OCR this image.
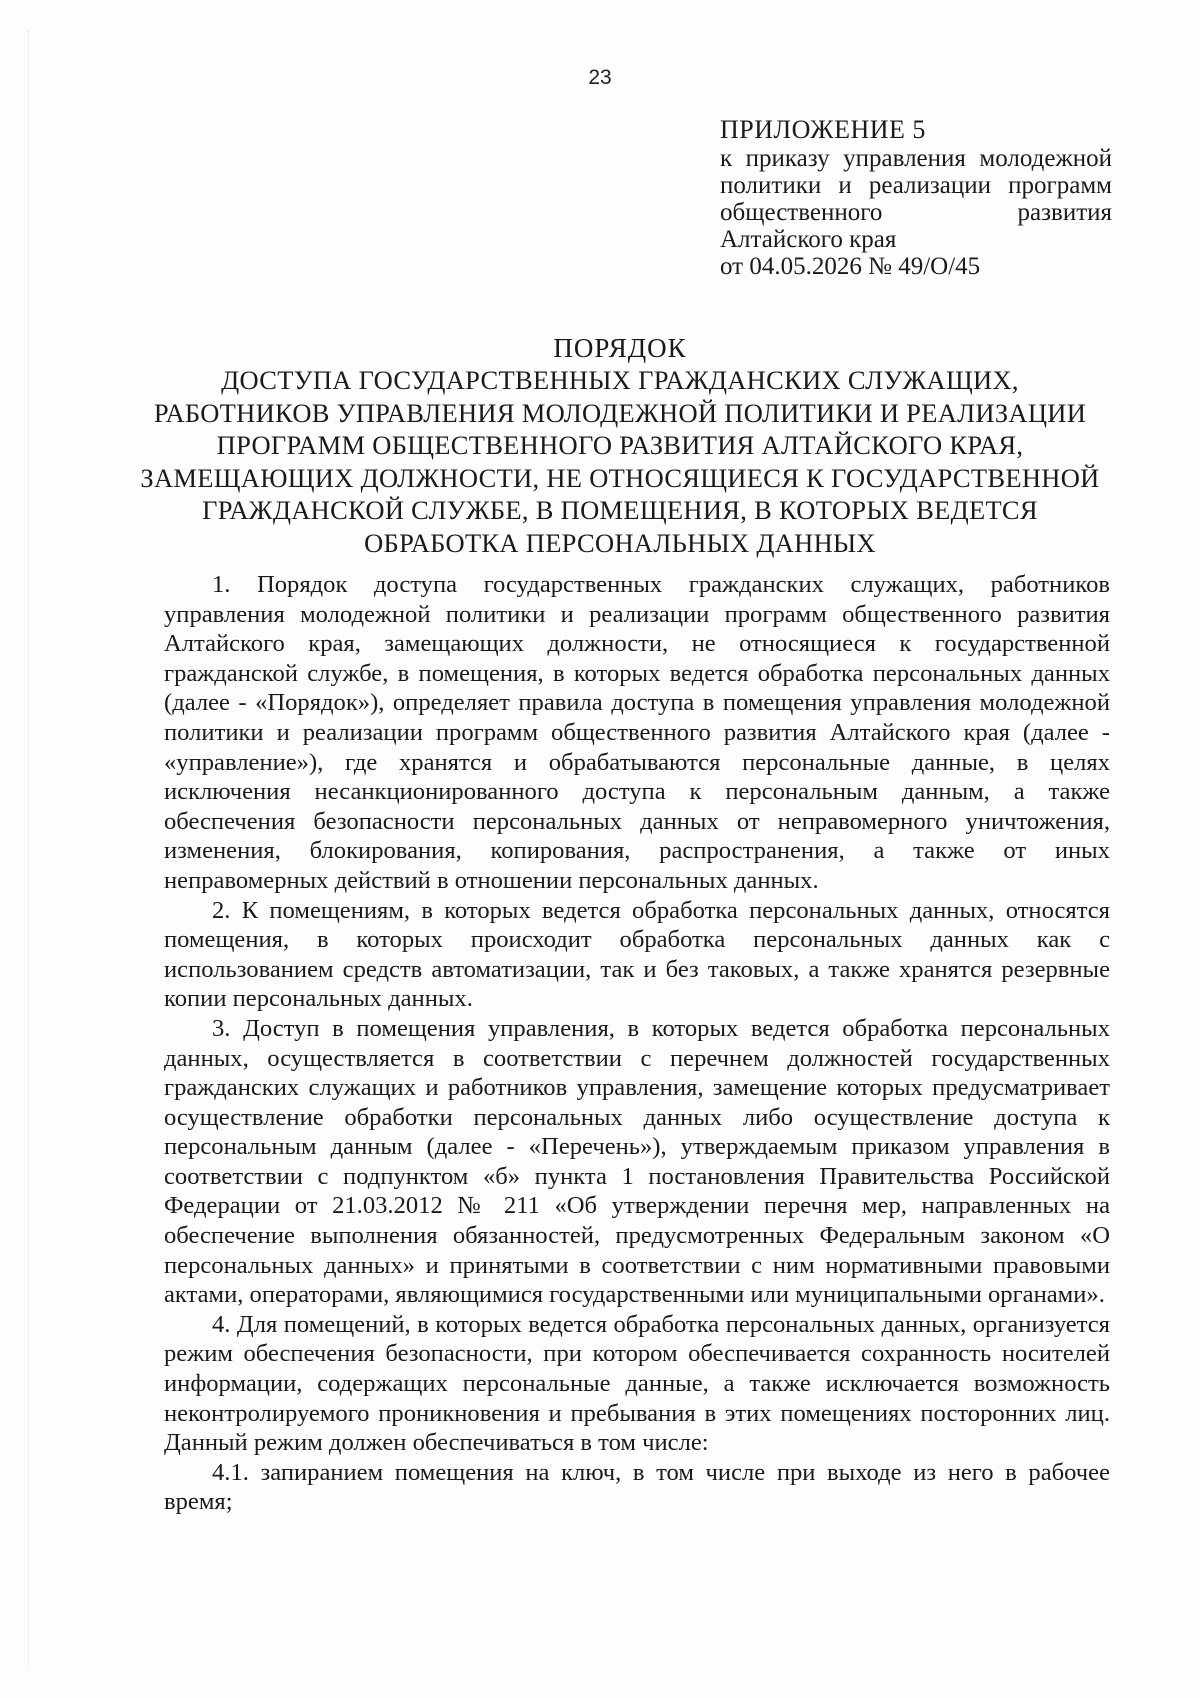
23
ПРИЛОЖЕНИЕ 5
к приказу управления молодежной
политики и реализации программ
общественного развития
Алтайского края
от 04.05.2026 № 49/О/45
ПОРЯДОК
ДОСТУПА ГОСУДАРСТВЕННЫХ ГРАЖДАНСКИХ СЛУЖАЩИХ,
РАБОТНИКОВ УПРАВЛЕНИЯ МОЛОДЕЖНОЙ ПОЛИТИКИ И РЕАЛИЗАЦИИ
ПРОГРАММ ОБЩЕСТВЕННОГО РАЗВИТИЯ АЛТАЙСКОГО КРАЯ,
ЗАМЕЩАЮЩИХ ДОЛЖНОСТИ, НЕ ОТНОСЯЩИЕСЯ К ГОСУДАРСТВЕННОЙ
ГРАЖДАНСКОЙ СЛУЖБЕ, В ПОМЕЩЕНИЯ, В КОТОРЫХ ВЕДЕТСЯ
ОБРАБОТКА ПЕРСОНАЛЬНЫХ ДАННЫХ

1. Порядок доступа государственных гражданских служащих, работников управления молодежной политики и реализации программ общественного развития Алтайского края, замещающих должности, не относящиеся к государственной гражданской службе, в помещения, в которых ведется обработка персональных данных (далее - «Порядок»), определяет правила доступа в помещения управления молодежной политики и реализации программ общественного развития Алтайского края (далее - «управление»), где хранятся и обрабатываются персональные данные, в целях исключения несанкционированного доступа к персональным данным, а также обеспечения безопасности персональных данных от неправомерного уничтожения, изменения, блокирования, копирования, распространения, а также от иных неправомерных действий в отношении персональных данных.

2. К помещениям, в которых ведется обработка персональных данных, относятся помещения, в которых происходит обработка персональных данных как с использованием средств автоматизации, так и без таковых, а также хранятся резервные копии персональных данных.

3. Доступ в помещения управления, в которых ведется обработка персональных данных, осуществляется в соответствии с перечнем должностей государственных гражданских служащих и работников управления, замещение которых предусматривает осуществление обработки персональных данных либо осуществление доступа к персональным данным (далее - «Перечень»), утверждаемым приказом управления в соответствии с подпунктом «б» пункта 1 постановления Правительства Российской Федерации от 21.03.2012 № 211 «Об утверждении перечня мер, направленных на обеспечение выполнения обязанностей, предусмотренных Федеральным законом «О персональных данных» и принятыми в соответствии с ним нормативными правовыми актами, операторами, являющимися государственными или муниципальными органами».

4. Для помещений, в которых ведется обработка персональных данных, организуется режим обеспечения безопасности, при котором обеспечивается сохранность носителей информации, содержащих персональные данные, а также исключается возможность неконтролируемого проникновения и пребывания в этих помещениях посторонних лиц. Данный режим должен обеспечиваться в том числе:

4.1. запиранием помещения на ключ, в том числе при выходе из него в рабочее время;
